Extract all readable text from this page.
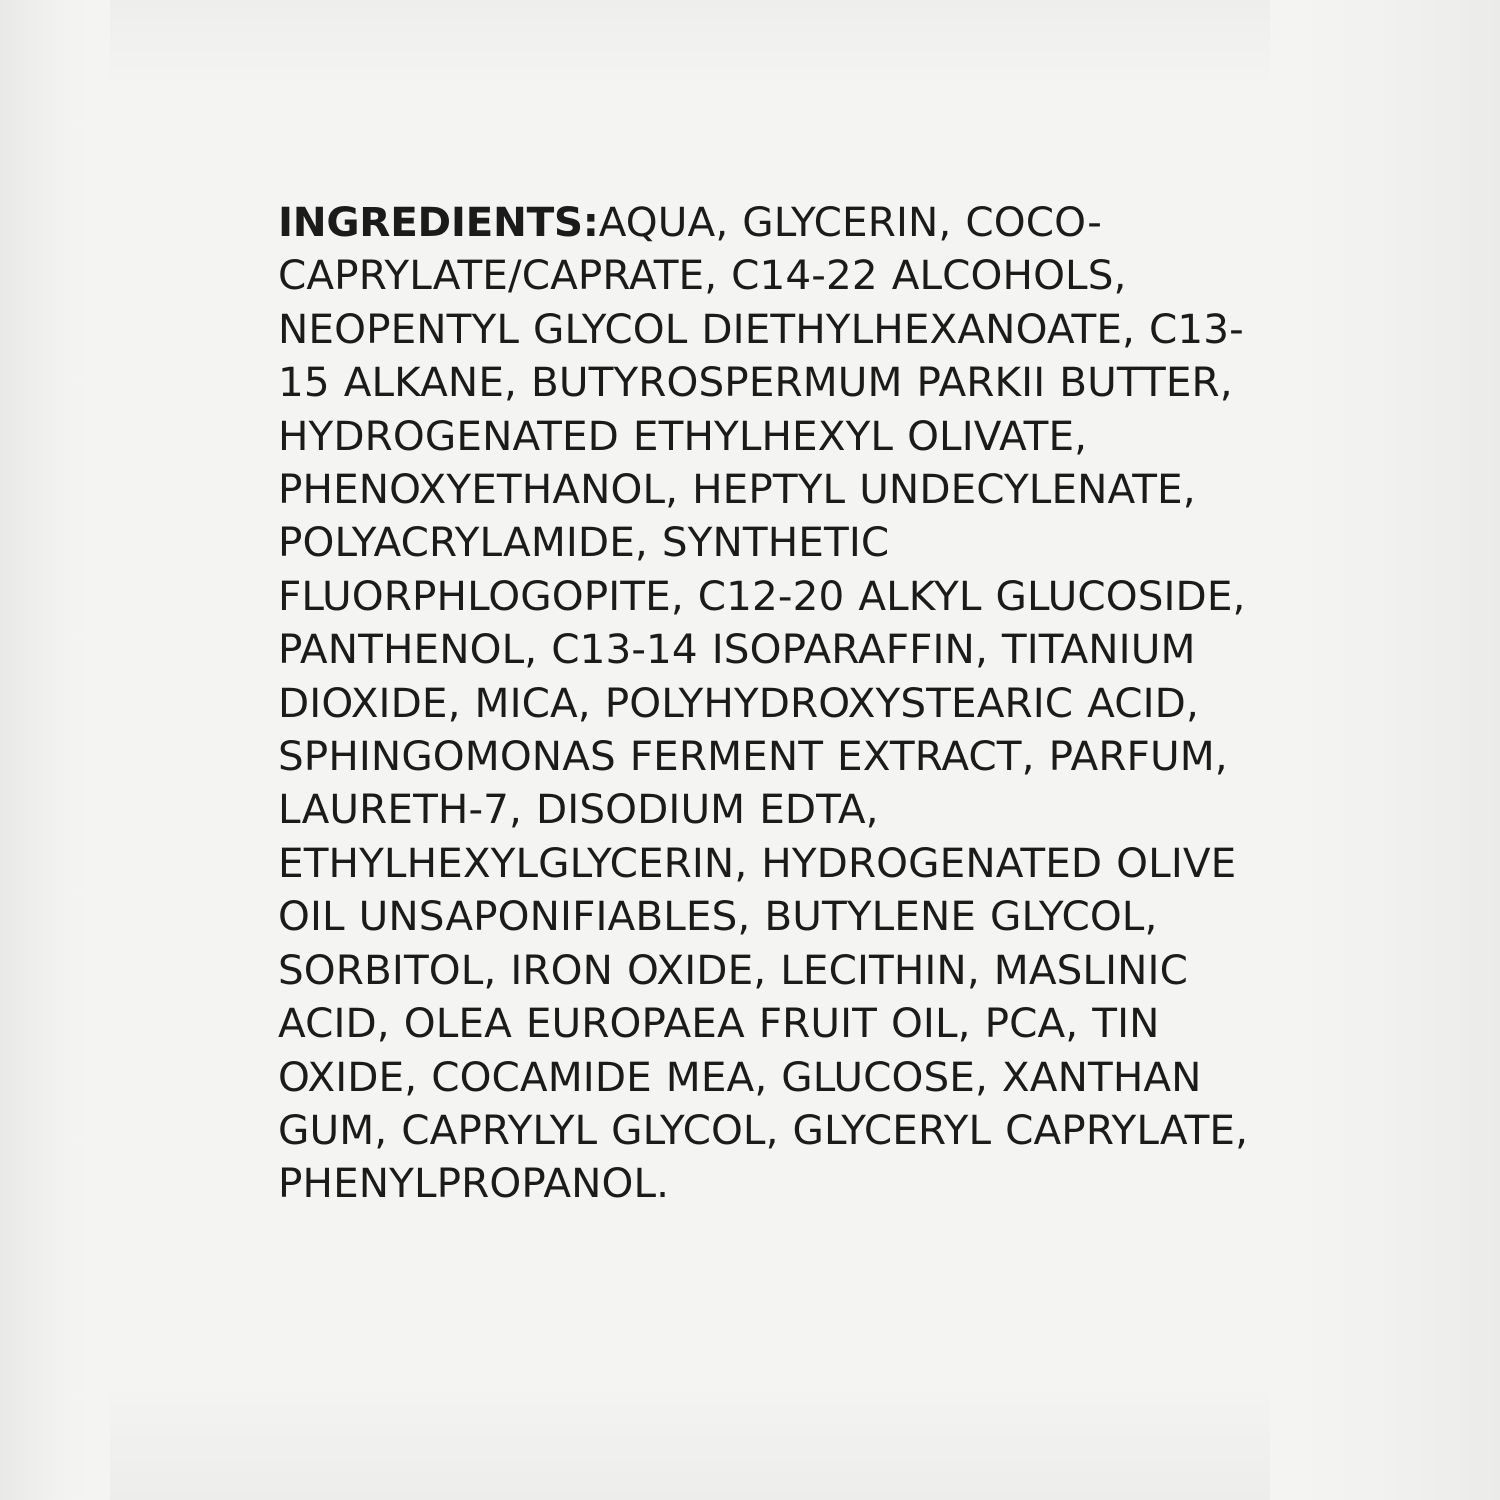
INGREDIENTS:AQUA, GLYCERIN, COCO-CAPRYLATE/CAPRATE, C14-22 ALCOHOLS, NEOPENTYL GLYCOL DIETHYLHEXANOATE, C13-15 ALKANE, BUTYROSPERMUM PARKII BUTTER, HYDROGENATED ETHYLHEXYL OLIVATE, PHENOXYETHANOL, HEPTYL UNDECYLENATE, POLYACRYLAMIDE, SYNTHETIC FLUORPHLOGOPITE, C12-20 ALKYL GLUCOSIDE, PANTHENOL, C13-14 ISOPARAFFIN, TITANIUM DIOXIDE, MICA, POLYHYDROXYSTEARIC ACID, SPHINGOMONAS FERMENT EXTRACT, PARFUM, LAURETH-7, DISODIUM EDTA, ETHYLHEXYLGLYCERIN, HYDROGENATED OLIVE OIL UNSAPONIFIABLES, BUTYLENE GLYCOL, SORBITOL, IRON OXIDE, LECITHIN, MASLINIC ACID, OLEA EUROPAEA FRUIT OIL, PCA, TIN OXIDE, COCAMIDE MEA, GLUCOSE, XANTHAN GUM, CAPRYLYL GLYCOL, GLYCERYL CAPRYLATE, PHENYLPROPANOL.
